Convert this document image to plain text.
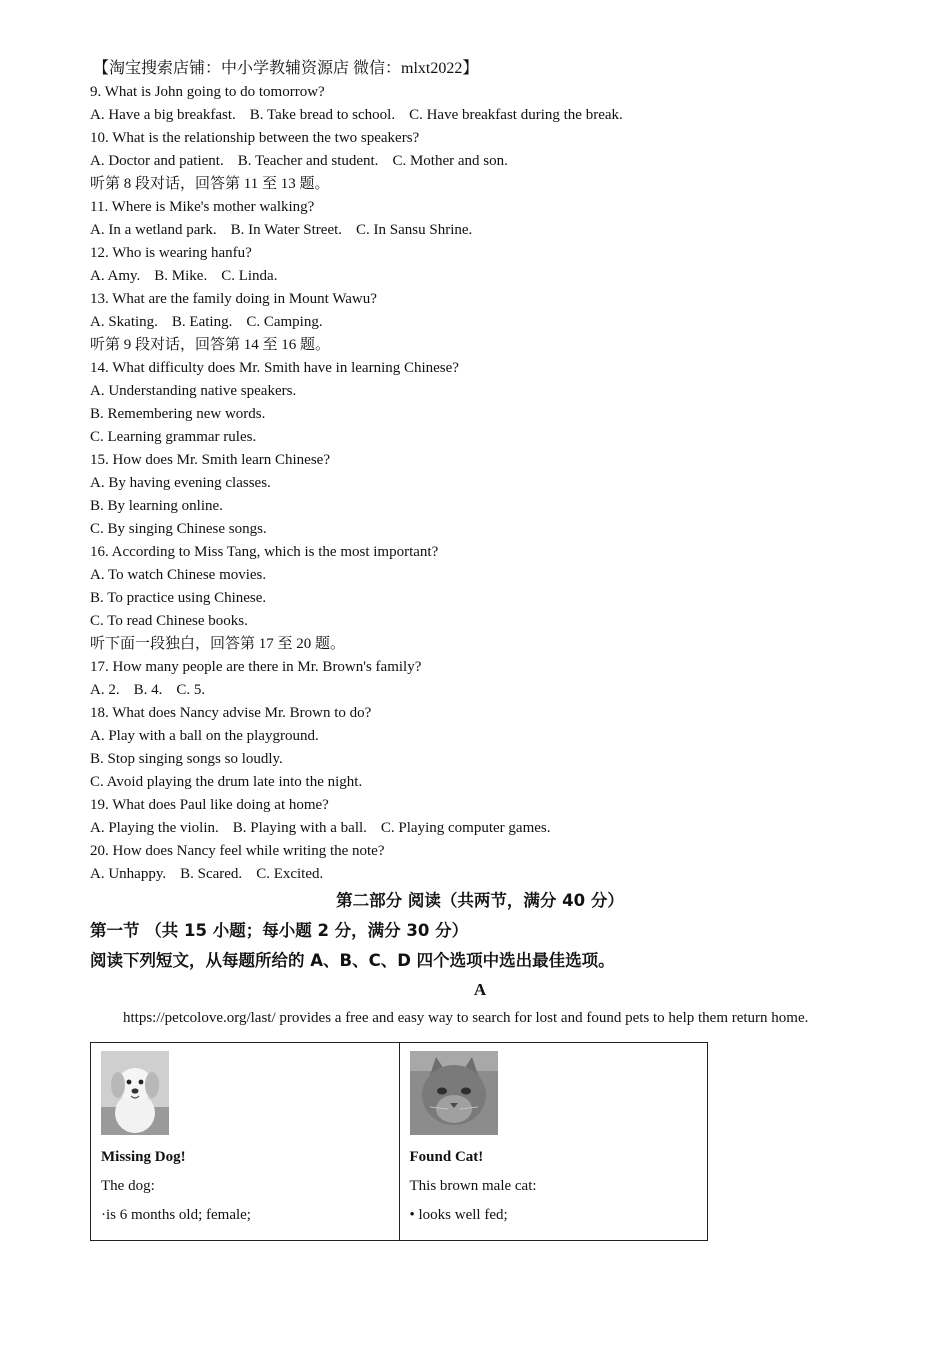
【淘宝搜索店铺：中小学教辅资源店 微信：mlxt2022】
9. What is John going to do tomorrow?
A. Have a big breakfast. B. Take bread to school. C. Have breakfast during the break.
10. What is the relationship between the two speakers?
A. Doctor and patient. B. Teacher and student. C. Mother and son.
听第 8 段对话，回答第 11 至 13 题。
11. Where is Mike's mother walking?
A. In a wetland park. B. In Water Street. C. In Sansu Shrine.
12. Who is wearing hanfu?
A. Amy. B. Mike. C. Linda.
13. What are the family doing in Mount Wawu?
A. Skating. B. Eating. C. Camping.
听第 9 段对话，回答第 14 至 16 题。
14. What difficulty does Mr. Smith have in learning Chinese?
A. Understanding native speakers.
B. Remembering new words.
C. Learning grammar rules.
15. How does Mr. Smith learn Chinese?
A. By having evening classes.
B. By learning online.
C. By singing Chinese songs.
16. According to Miss Tang, which is the most important?
A. To watch Chinese movies.
B. To practice using Chinese.
C. To read Chinese books.
听下面一段独白，回答第 17 至 20 题。
17. How many people are there in Mr. Brown's family?
A. 2. B. 4. C. 5.
18. What does Nancy advise Mr. Brown to do?
A. Play with a ball on the playground.
B. Stop singing songs so loudly.
C. Avoid playing the drum late into the night.
19. What does Paul like doing at home?
A. Playing the violin. B. Playing with a ball. C. Playing computer games.
20. How does Nancy feel while writing the note?
A. Unhappy. B. Scared. C. Excited.
第二部分 阅读（共两节，满分 40 分）
第一节 （共 15 小题；每小题 2 分，满分 30 分）
阅读下列短文，从每题所给的 A、B、C、D 四个选项中选出最佳选项。
A
https://petcolove.org/last/ provides a free and easy way to search for lost and found pets to help them return home.
Missing Dog!
The dog:
·is 6 months old; female;

Found Cat!
This brown male cat:
• looks well fed;
